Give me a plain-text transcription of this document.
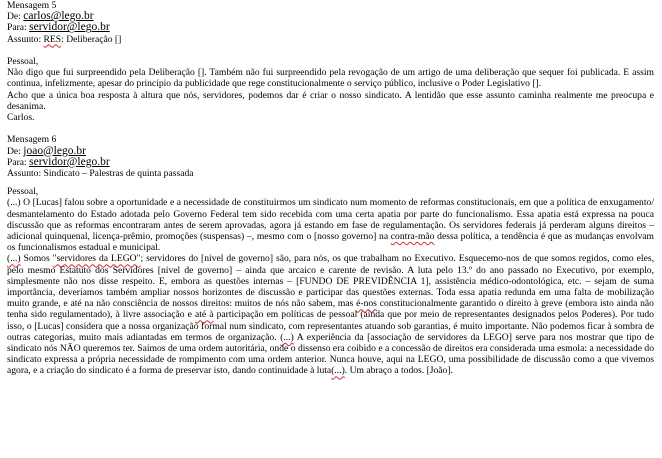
Mensagem 5
De: carlos@lego.br
Para: servidor@lego.br
Assunto: RES: Deliberação []

Pessoal,

Não digo que fui surpreendido pela Deliberação []. Também não fui surpreendido pela revogação de um artigo de uma deliberação que sequer foi publicada. E assim continua, infelizmente, apesar do princípio da publicidade que rege constitucionalmente o serviço público, inclusive o Poder Legislativo [].

Acho que a única boa resposta à altura que nós, servidores, podemos dar é criar o nosso sindicato. A lentidão que esse assunto caminha realmente me preocupa e desanima.

Carlos.

Mensagem 6
De: joao@lego.br
Para: servidor@lego.br
Assunto: Sindicato – Palestras de quinta passada

Pessoal,

(...) O [Lucas] falou sobre a oportunidade e a necessidade de constituirmos um sindicato num momento de reformas constitucionais, em que a política de enxugamento/ desmantelamento do Estado adotada pelo Governo Federal tem sido recebida com uma certa apatia por parte do funcionalismo. Essa apatia está expressa na pouca discussão que as reformas encontraram antes de serem aprovadas, agora já estando em fase de regulamentação. Os servidores federais já perderam alguns direitos – adicional quinquenal, licença-prêmio, promoções (suspensas) –, mesmo com o [nosso governo] na contra-mão dessa política, a tendência é que as mudanças envolvam os funcionalismos estadual e municipal.

(...) Somos "servidores da LEGO"; servidores do [nível de governo] são, para nós, os que trabalham no Executivo. Esquecemo-nos de que somos regidos, como eles, pelo mesmo Estatuto dos Servidores [nível de governo] – ainda que arcaico e carente de revisão. A luta pelo 13.º do ano passado no Executivo, por exemplo, simplesmente não nos disse respeito. E, embora as questões internas – [FUNDO DE PREVIDÊNCIA 1], assistência médico-odontológica, etc. – sejam de suma importância, deveríamos também ampliar nossos horizontes de discussão e participar das questões externas. Toda essa apatia redunda em uma falta de mobilização muito grande, e até na não consciência de nossos direitos: muitos de nós não sabem, mas é-nos constitucionalmente garantido o direito à greve (embora isto ainda não tenha sido regulamentado), à livre associação e até à participação em políticas de pessoal (ainda que por meio de representantes designados pelos Poderes). Por tudo isso, o [Lucas] considera que a nossa organização formal num sindicato, com representantes atuando sob garantias, é muito importante. Não podemos ficar à sombra de outras categorias, muito mais adiantadas em termos de organização. (...) A experiência da [associação de servidores da LEGO] serve para nos mostrar que tipo de sindicato nós NÃO queremos ter. Saímos de uma ordem autoritária, onde o dissenso era coibido e a concessão de direitos era considerada uma esmola: a necessidade do sindicato expressa a própria necessidade de rompimento com uma ordem anterior. Nunca houve, aqui na LEGO, uma possibilidade de discussão como a que vivemos agora, e a criação do sindicato é a forma de preservar isto, dando continuidade à luta(...). Um abraço a todos. [João].
